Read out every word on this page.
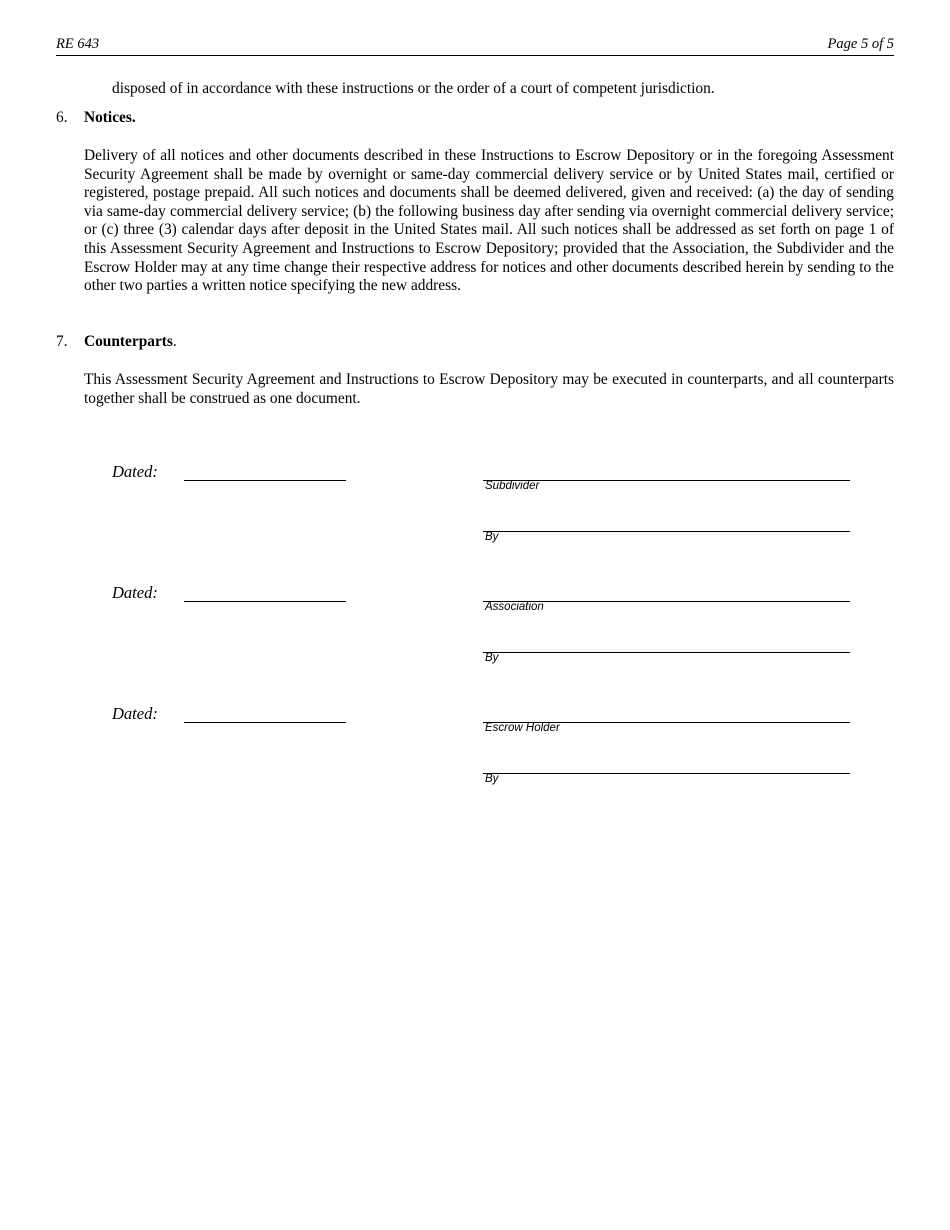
RE 643	Page 5 of 5

disposed of in accordance with these instructions or the order of a court of competent jurisdiction.

6. Notices.

Delivery of all notices and other documents described in these Instructions to Escrow Depository or in the foregoing Assessment Security Agreement shall be made by overnight or same-day commercial delivery service or by United States mail, certified or registered, postage prepaid. All such notices and documents shall be deemed delivered, given and received: (a) the day of sending via same-day commercial delivery service; (b) the following business day after sending via overnight commercial delivery service; or (c) three (3) calendar days after deposit in the United States mail. All such notices shall be addressed as set forth on page 1 of this Assessment Security Agreement and Instructions to Escrow Depository; provided that the Association, the Subdivider and the Escrow Holder may at any time change their respective address for notices and other documents described herein by sending to the other two parties a written notice specifying the new address.

7. Counterparts.

This Assessment Security Agreement and Instructions to Escrow Depository may be executed in counterparts, and all counterparts together shall be construed as one document.

Dated:
Subdivider
By
Dated:
Association
By
Dated:
Escrow Holder
By
